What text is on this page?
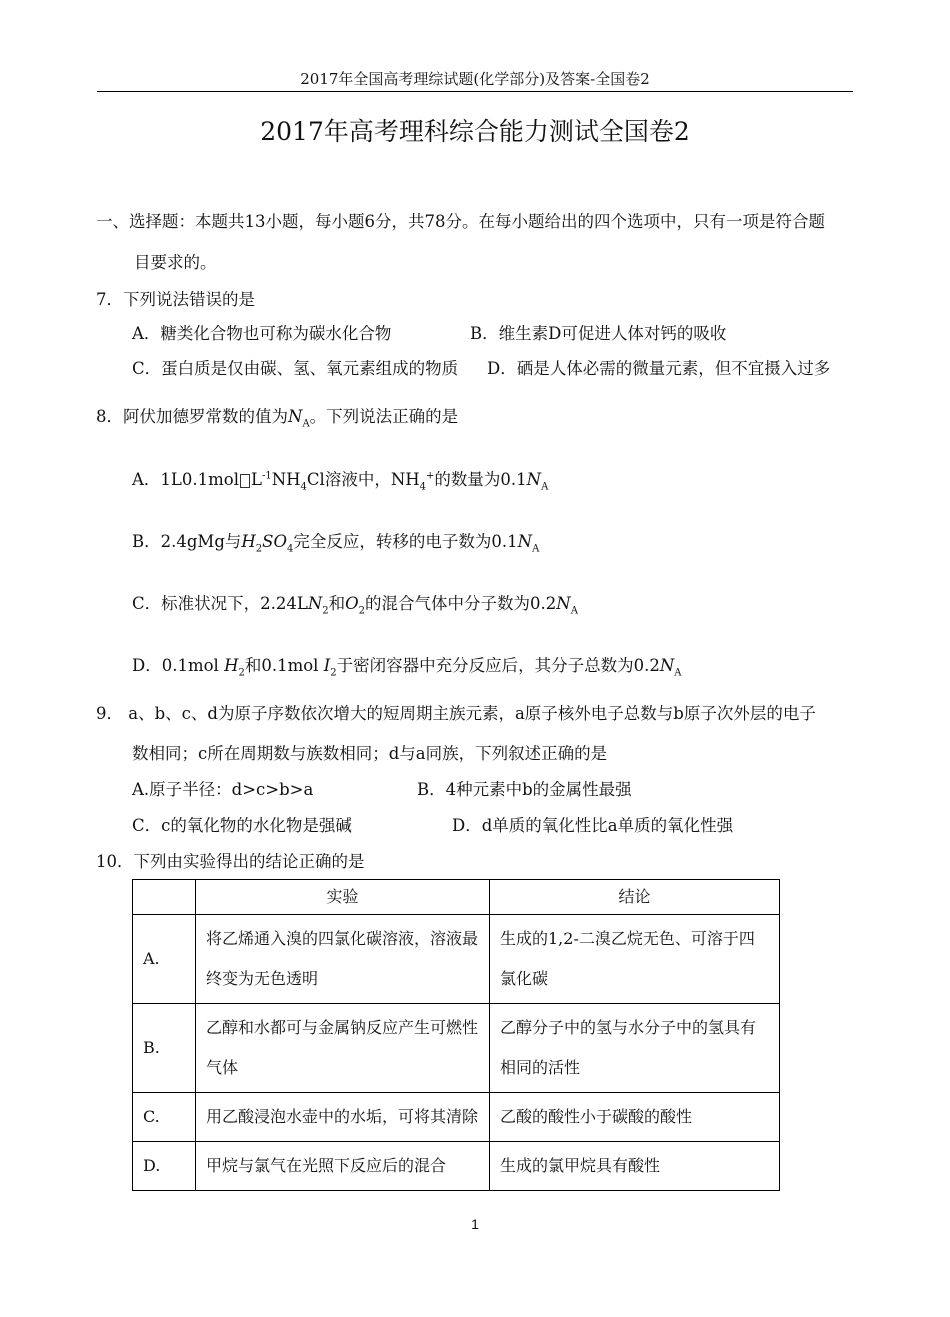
2017年全国高考理综试题(化学部分)及答案-全国卷2
2017年高考理科综合能力测试全国卷2
一、选择题：本题共13小题，每小题6分，共78分。在每小题给出的四个选项中，只有一项是符合题
目要求的。
7．下列说法错误的是
A．糖类化合物也可称为碳水化合物	B．维生素D可促进人体对钙的吸收
C．蛋白质是仅由碳、氢、氧元素组成的物质 D．硒是人体必需的微量元素，但不宜摄入过多
8．阿伏加德罗常数的值为$N_A$。下列说法正确的是
A．1L0.1mol $L^{-1}NH_4Cl$溶液中，$NH_4^+$的数量为$0.1N_A$
B．2.4gMg与$H_2SO_4$完全反应，转移的电子数为$0.1N_A$
C．标准状况下，$2.24LN_2$和$O_2$的混合气体中分子数为$0.2N_A$
D．0.1mol $H_2$和0.1mol $I_2$于密闭容器中充分反应后，其分子总数为$0.2N_A$
9． a、b、c、d为原子序数依次增大的短周期主族元素，a原子核外电子总数与b原子次外层的电子
数相同；c所在周期数与族数相同；d与a同族，下列叙述正确的是
A.原子半径：d>c>b>a	B．4种元素中b的金属性最强
C．c的氧化物的水化物是强碱	D．d单质的氧化性比a单质的氧化性强
10．下列由实验得出的结论正确的是
	实验	结论
A.	将乙烯通入溴的四氯化碳溶液，溶液最终变为无色透明	生成的1,2-二溴乙烷无色、可溶于四氯化碳
B.	乙醇和水都可与金属钠反应产生可燃性气体	乙醇分子中的氢与水分子中的氢具有相同的活性
C.	用乙酸浸泡水壶中的水垢，可将其清除	乙酸的酸性小于碳酸的酸性
D.	甲烷与氯气在光照下反应后的混合	生成的氯甲烷具有酸性
1
